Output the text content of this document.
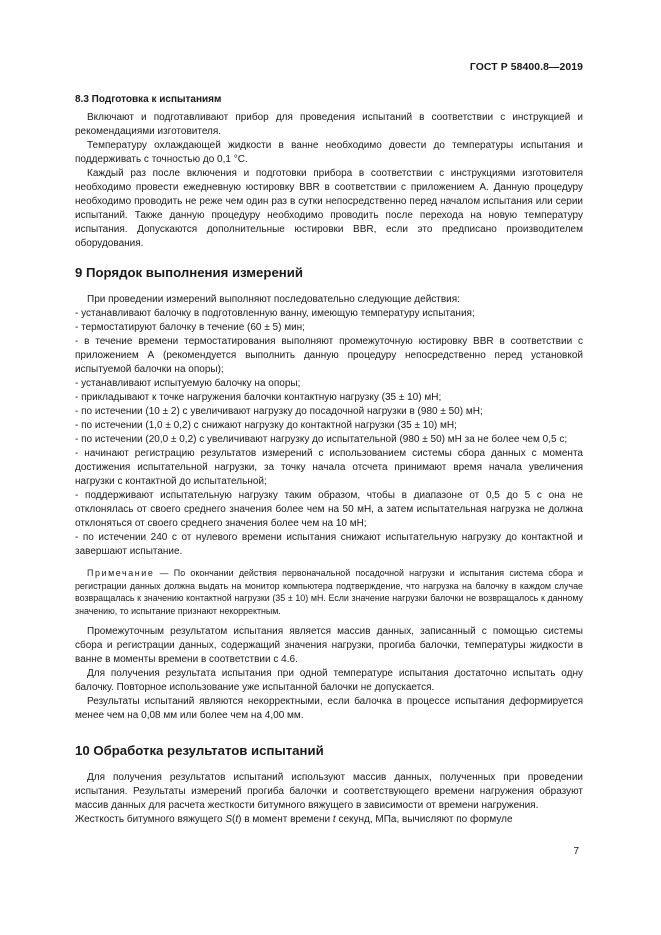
ГОСТ Р 58400.8—2019
8.3 Подготовка к испытаниям

Включают и подготавливают прибор для проведения испытаний в соответствии с инструкцией и рекомендациями изготовителя.

Температуру охлаждающей жидкости в ванне необходимо довести до температуры испытания и поддерживать с точностью до 0,1 °С.

Каждый раз после включения и подготовки прибора в соответствии с инструкциями изготовителя необходимо провести ежедневную юстировку BBR в соответствии с приложением А. Данную процедуру необходимо проводить не реже чем один раз в сутки непосредственно перед началом испытания или серии испытаний. Также данную процедуру необходимо проводить после перехода на новую температуру испытания. Допускаются дополнительные юстировки BBR, если это предписано производителем оборудования.

9 Порядок выполнения измерений

При проведении измерений выполняют последовательно следующие действия:

- устанавливают балочку в подготовленную ванну, имеющую температуру испытания;

- термостатируют балочку в течение (60 ± 5) мин;

- в течение времени термостатирования выполняют промежуточную юстировку BBR в соответствии с приложением А (рекомендуется выполнить данную процедуру непосредственно перед установкой испытуемой балочки на опоры);

- устанавливают испытуемую балочку на опоры;

- прикладывают к точке нагружения балочки контактную нагрузку (35 ± 10) мН;

- по истечении (10 ± 2) с увеличивают нагрузку до посадочной нагрузки в (980 ± 50) мН;

- по истечении (1,0 ± 0,2) с снижают нагрузку до контактной нагрузки (35 ± 10) мН;

- по истечении (20,0 ± 0,2) с увеличивают нагрузку до испытательной (980 ± 50) мН за не более чем 0,5 с;

- начинают регистрацию результатов измерений с использованием системы сбора данных с момента достижения испытательной нагрузки, за точку начала отсчета принимают время начала увеличения нагрузки с контактной до испытательной;

- поддерживают испытательную нагрузку таким образом, чтобы в диапазоне от 0,5 до 5 с она не отклонялась от своего среднего значения более чем на 50 мН, а затем испытательная нагрузка не должна отклоняться от своего среднего значения более чем на 10 мН;

- по истечении 240 с от нулевого времени испытания снижают испытательную нагрузку до контактной и завершают испытание.

Примечание — По окончании действия первоначальной посадочной нагрузки и испытания система сбора и регистрации данных должна выдать на монитор компьютера подтверждение, что нагрузка на балочку в каждом случае возвращалась к значению контактной нагрузки (35 ± 10) мН. Если значение нагрузки балочки не возвращалось к данному значению, то испытание признают некорректным.

Промежуточным результатом испытания является массив данных, записанный с помощью системы сбора и регистрации данных, содержащий значения нагрузки, прогиба балочки, температуры жидкости в ванне в моменты времени в соответствии с 4.6.

Для получения результата испытания при одной температуре испытания достаточно испытать одну балочку. Повторное использование уже испытанной балочки не допускается.

Результаты испытаний являются некорректными, если балочка в процессе испытания деформируется менее чем на 0,08 мм или более чем на 4,00 мм.

10 Обработка результатов испытаний

Для получения результатов испытаний используют массив данных, полученных при проведении испытания. Результаты измерений прогиба балочки и соответствующего времени нагружения образуют массив данных для расчета жесткости битумного вяжущего в зависимости от времени нагружения.

Жесткость битумного вяжущего S(t) в момент времени t секунд, МПа, вычисляют по формуле

7
